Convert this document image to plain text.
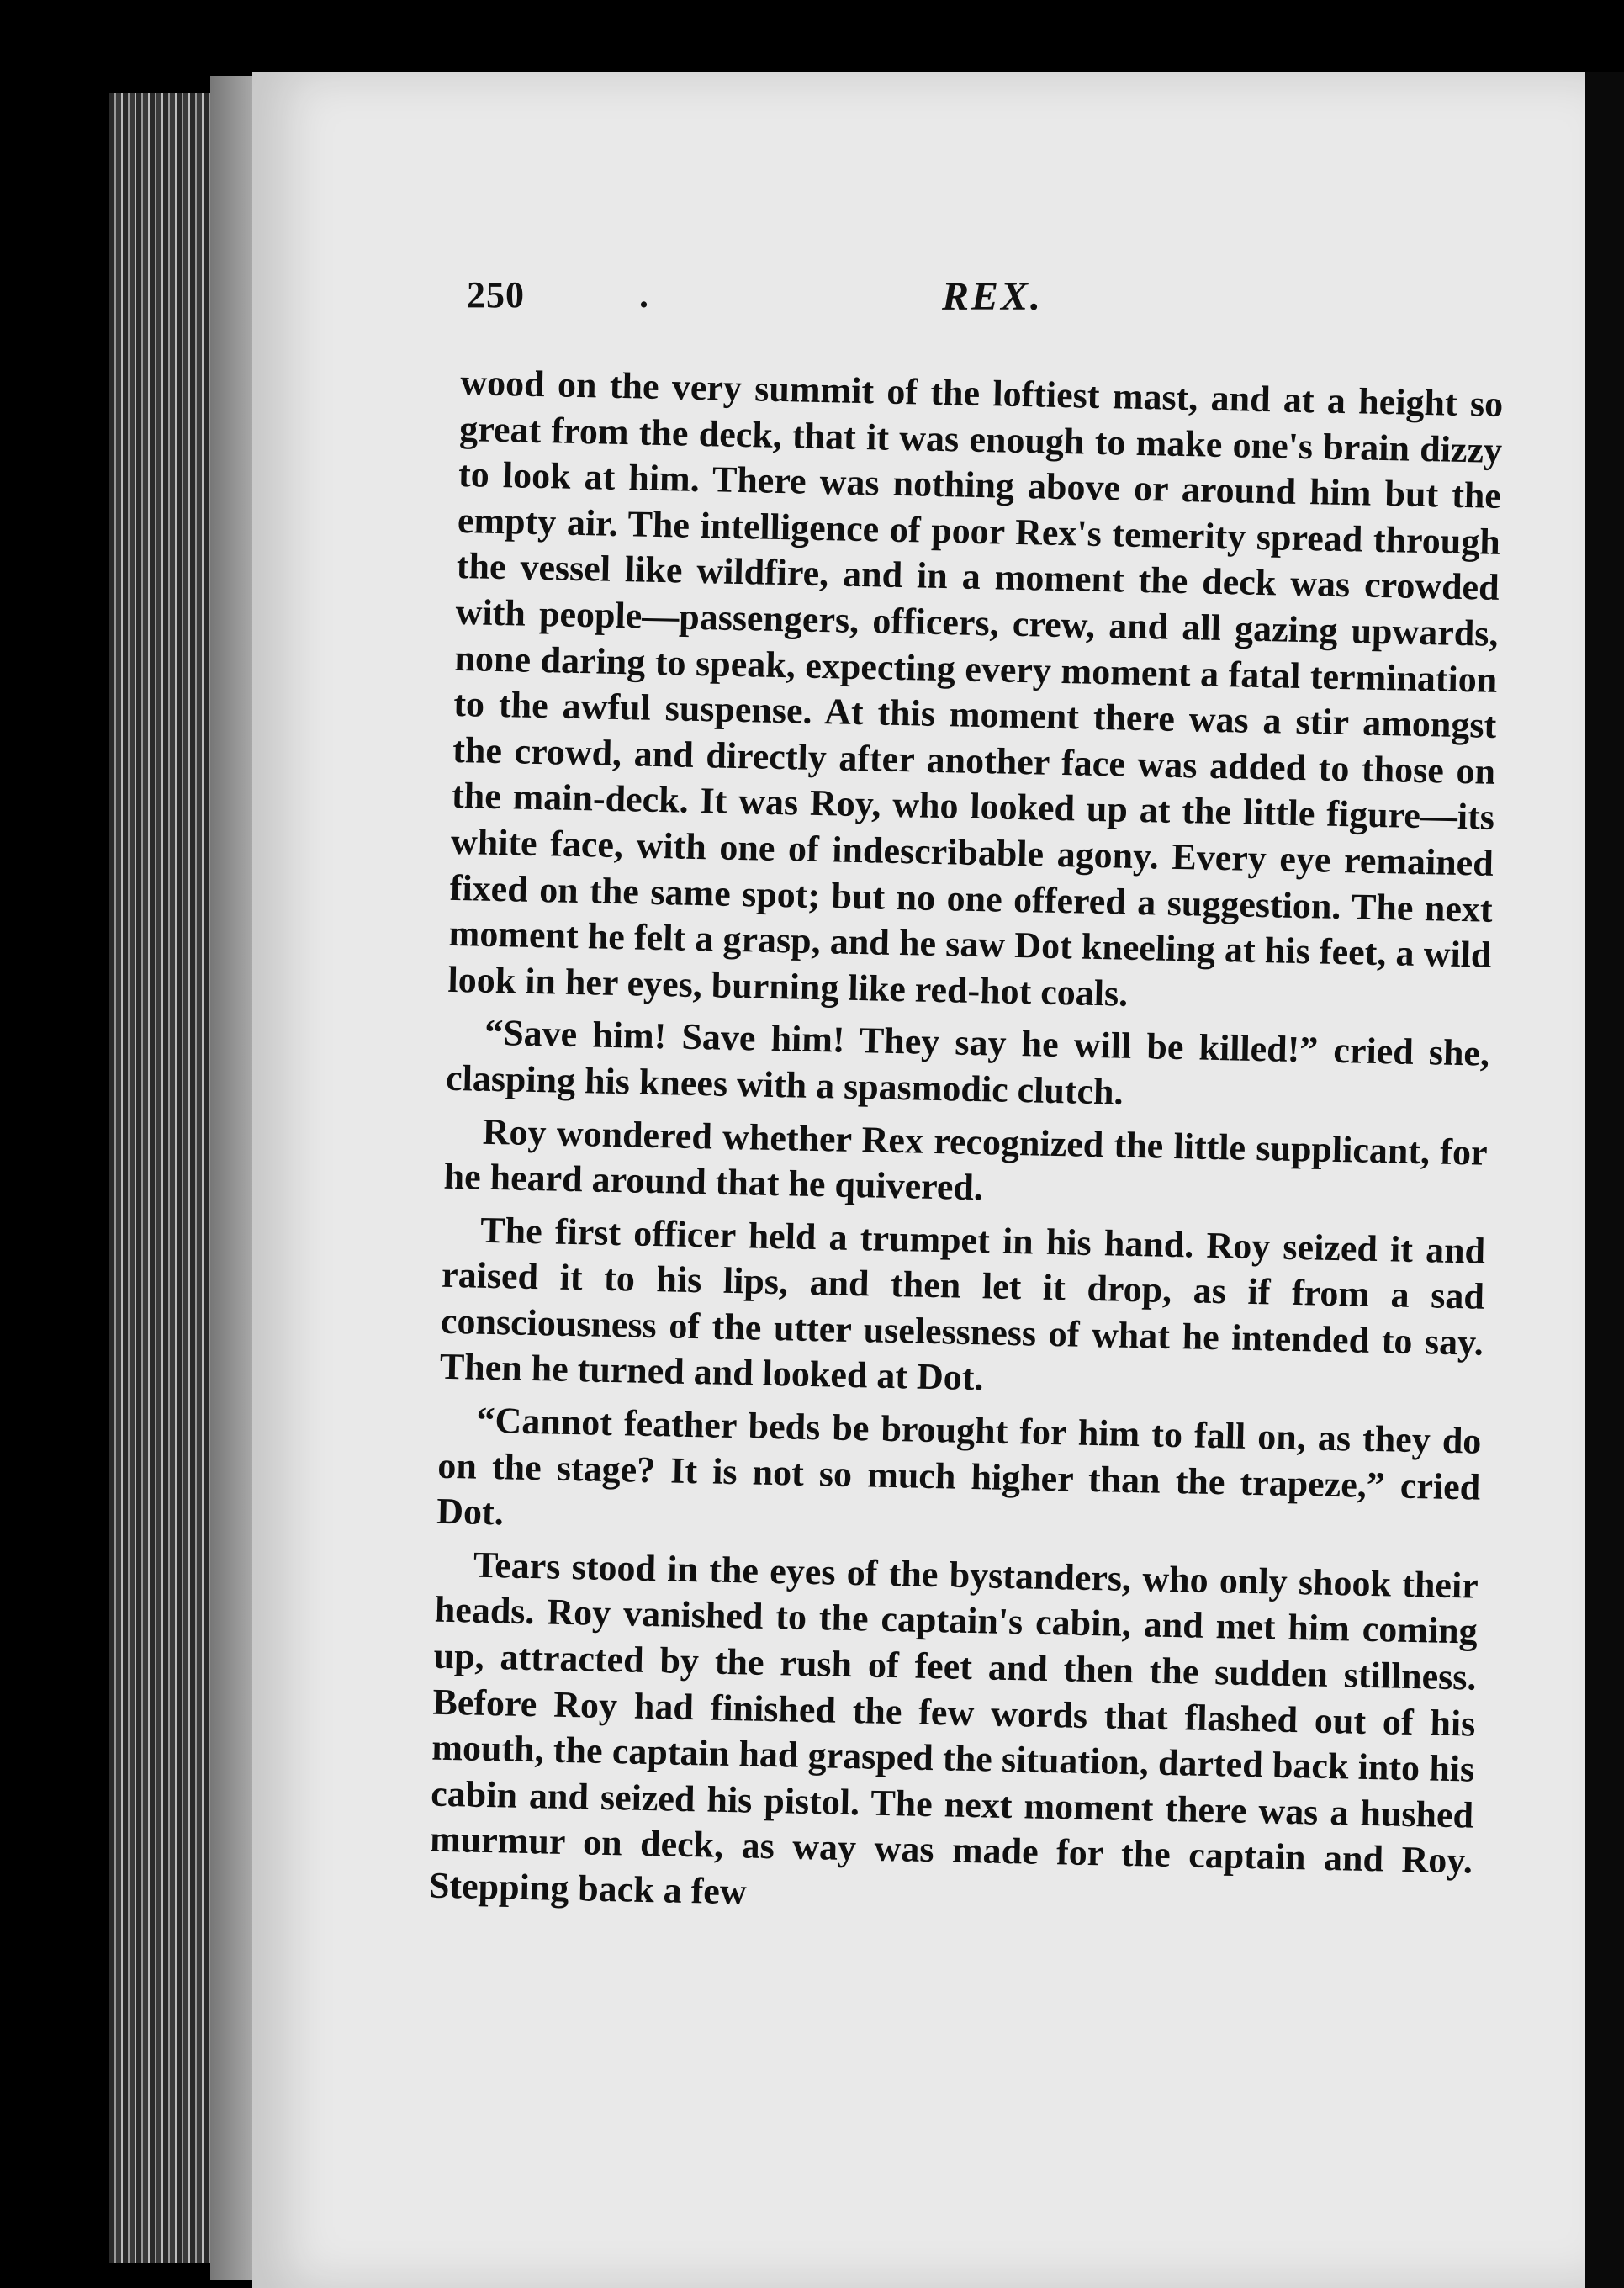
250	.	REX.

wood on the very summit of the loftiest mast, and at a height so great from the deck, that it was enough to make one's brain dizzy to look at him. There was nothing above or around him but the empty air. The intelligence of poor Rex's temerity spread through the vessel like wildfire, and in a moment the deck was crowded with people—passengers, officers, crew, and all gazing upwards, none daring to speak, expecting every moment a fatal termination to the awful suspense. At this moment there was a stir amongst the crowd, and directly after another face was added to those on the main-deck. It was Roy, who looked up at the little figure—its white face, with one of indescribable agony. Every eye remained fixed on the same spot; but no one offered a suggestion. The next moment he felt a grasp, and he saw Dot kneeling at his feet, a wild look in her eyes, burning like red-hot coals.

“Save him! Save him! They say he will be killed!” cried she, clasping his knees with a spasmodic clutch.

Roy wondered whether Rex recognized the little supplicant, for he heard around that he quivered.

The first officer held a trumpet in his hand. Roy seized it and raised it to his lips, and then let it drop, as if from a sad consciousness of the utter uselessness of what he intended to say. Then he turned and looked at Dot.

“Cannot feather beds be brought for him to fall on, as they do on the stage? It is not so much higher than the trapeze,” cried Dot.

Tears stood in the eyes of the bystanders, who only shook their heads. Roy vanished to the captain's cabin, and met him coming up, attracted by the rush of feet and then the sudden stillness. Before Roy had finished the few words that flashed out of his mouth, the captain had grasped the situation, darted back into his cabin and seized his pistol. The next moment there was a hushed murmur on deck, as way was made for the captain and Roy. Stepping back a few
